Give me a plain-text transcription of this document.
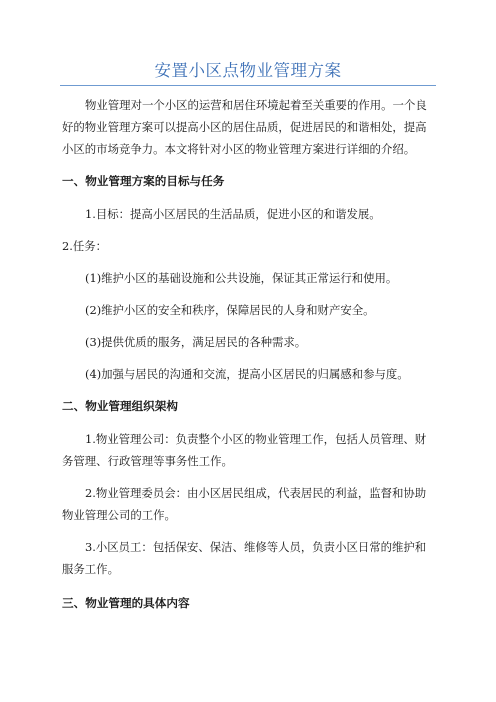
安置小区点物业管理方案
物业管理对一个小区的运营和居住环境起着至关重要的作用。一个良
好的物业管理方案可以提高小区的居住品质，促进居民的和谐相处，提高
小区的市场竞争力。本文将针对小区的物业管理方案进行详细的介绍。
一、物业管理方案的目标与任务
1.目标：提高小区居民的生活品质，促进小区的和谐发展。
2.任务：
(1)维护小区的基础设施和公共设施，保证其正常运行和使用。
(2)维护小区的安全和秩序，保障居民的人身和财产安全。
(3)提供优质的服务，满足居民的各种需求。
(4)加强与居民的沟通和交流，提高小区居民的归属感和参与度。
二、物业管理组织架构
1.物业管理公司：负责整个小区的物业管理工作，包括人员管理、财
务管理、行政管理等事务性工作。
2.物业管理委员会：由小区居民组成，代表居民的利益，监督和协助
物业管理公司的工作。
3.小区员工：包括保安、保洁、维修等人员，负责小区日常的维护和
服务工作。
三、物业管理的具体内容
